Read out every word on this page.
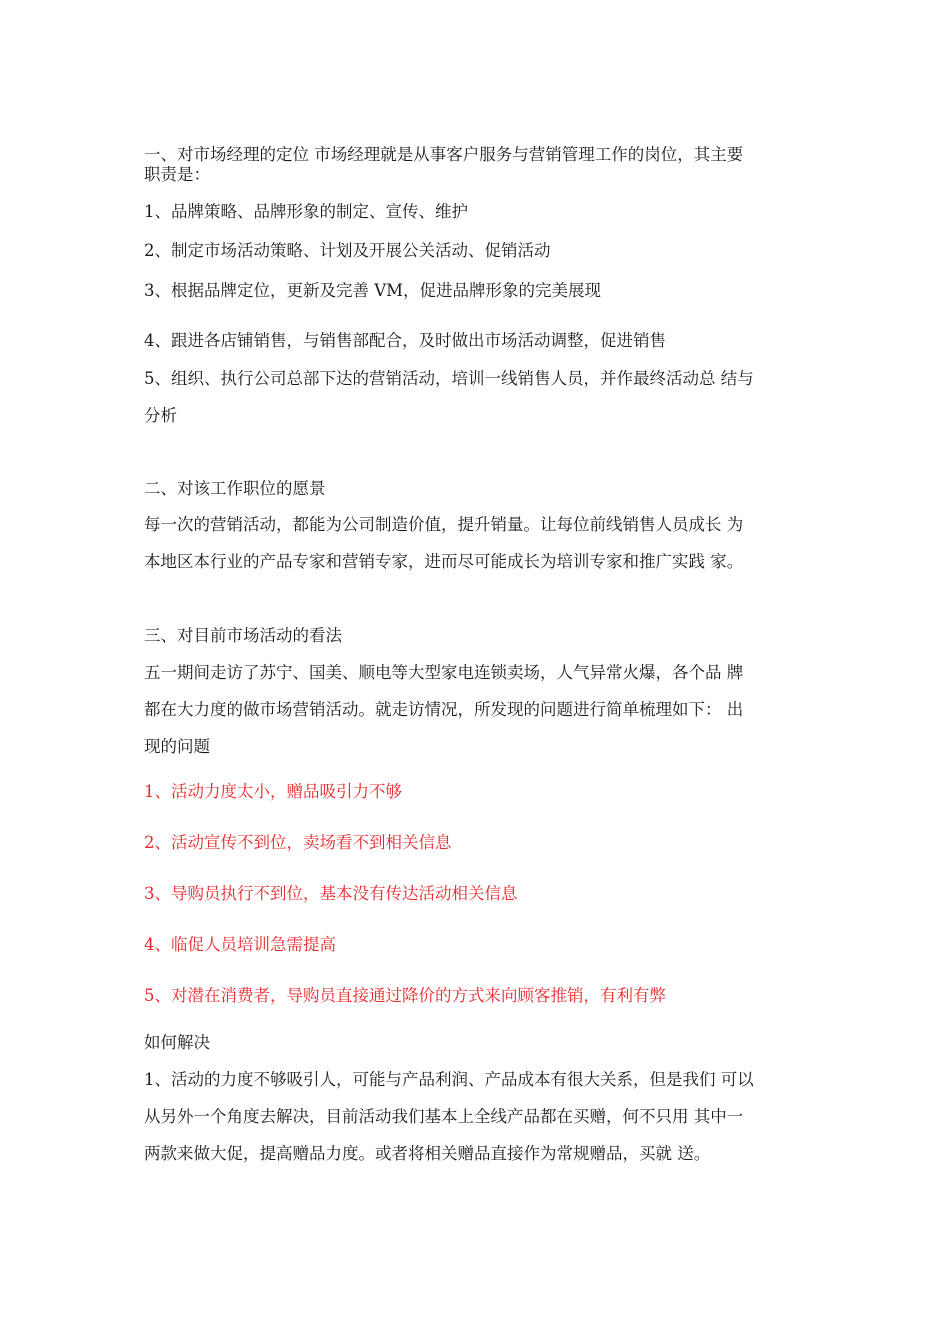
一、对市场经理的定位 市场经理就是从事客户服务与营销管理工作的岗位，其主要
职责是：
1、品牌策略、品牌形象的制定、宣传、维护
2、制定市场活动策略、计划及开展公关活动、促销活动
3、根据品牌定位，更新及完善 VM，促进品牌形象的完美展现
4、跟进各店铺销售，与销售部配合，及时做出市场活动调整，促进销售
5、组织、执行公司总部下达的营销活动，培训一线销售人员，并作最终活动总 结与
分析
二、对该工作职位的愿景
每一次的营销活动，都能为公司制造价值，提升销量。让每位前线销售人员成长 为
本地区本行业的产品专家和营销专家，进而尽可能成长为培训专家和推广实践 家。
三、对目前市场活动的看法
五一期间走访了苏宁、国美、顺电等大型家电连锁卖场，人气异常火爆，各个品 牌
都在大力度的做市场营销活动。就走访情况，所发现的问题进行简单梳理如下： 出
现的问题
1、活动力度太小，赠品吸引力不够
2、活动宣传不到位，卖场看不到相关信息
3、导购员执行不到位，基本没有传达活动相关信息
4、临促人员培训急需提高
5、对潜在消费者，导购员直接通过降价的方式来向顾客推销，有利有弊
如何解决
1、活动的力度不够吸引人，可能与产品利润、产品成本有很大关系，但是我们 可以
从另外一个角度去解决，目前活动我们基本上全线产品都在买赠，何不只用 其中一
两款来做大促，提高赠品力度。或者将相关赠品直接作为常规赠品，买就 送。
